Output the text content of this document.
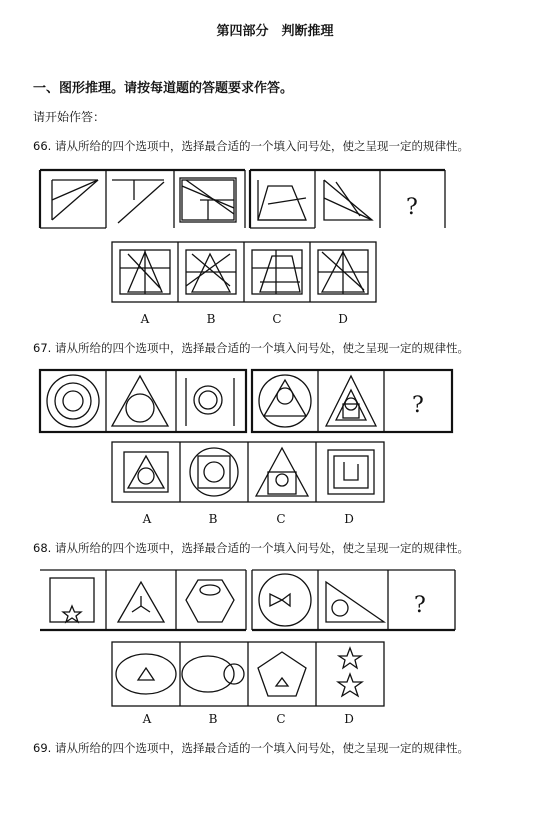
第四部分　判断推理
一、图形推理。请按每道题的答题要求作答。
请开始作答：
66. 请从所给的四个选项中，选择最合适的一个填入问号处，使之呈现一定的规律性。
?
A	B	C	D
67. 请从所给的四个选项中，选择最合适的一个填入问号处，使之呈现一定的规律性。
?
A	B	C	D
68. 请从所给的四个选项中，选择最合适的一个填入问号处，使之呈现一定的规律性。
?
A	B	C	D
69. 请从所给的四个选项中，选择最合适的一个填入问号处，使之呈现一定的规律性。
